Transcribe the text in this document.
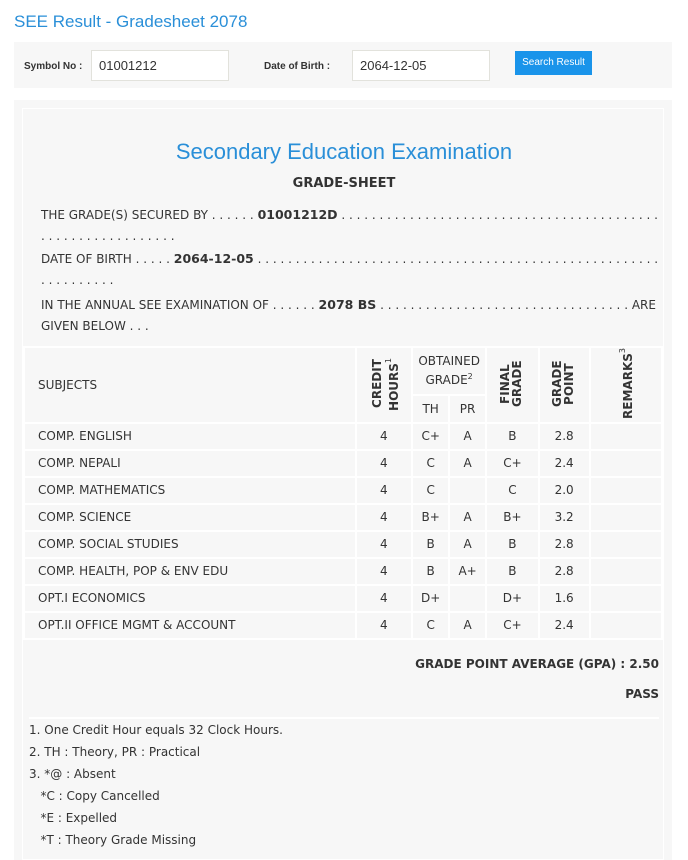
SEE Result - Gradesheet 2078
Symbol No :	01001212	Date of Birth :	2064-12-05	Search Result
Secondary Education Examination
GRADE-SHEET
THE GRADE(S) SECURED BY . . . . . . 01001212D . . . . . . . . . . . . . . . . . . . . . . . . . . . . . . . . . . . . . . . . . . . . . . . . . . . . . . . . . . . .
DATE OF BIRTH . . . . . 2064-12-05 . . . . . . . . . . . . . . . . . . . . . . . . . . . . . . . . . . . . . . . . . . . . . . . . . . . . . . . . . . . . . . .
IN THE ANNUAL SEE EXAMINATION OF . . . . . . 2078 BS . . . . . . . . . . . . . . . . . . . . . . . . . . . . . . . . . ARE GIVEN BELOW . . .
SUBJECTS	CREDIT HOURS$^1$	OBTAINED GRADE$^2$		FINAL GRADE	GRADE POINT	REMARKS$^3$
		TH	PR			
COMP. ENGLISH	4	C+	A	B	2.8	
COMP. NEPALI	4	C	A	C+	2.4	
COMP. MATHEMATICS	4	C		C	2.0	
COMP. SCIENCE	4	B+	A	B+	3.2	
COMP. SOCIAL STUDIES	4	B	A	B	2.8	
COMP. HEALTH, POP & ENV EDU	4	B	A+	B	2.8	
OPT.I ECONOMICS	4	D+		D+	1.6	
OPT.II OFFICE MGMT & ACCOUNT	4	C	A	C+	2.4	
GRADE POINT AVERAGE (GPA) : 2.50
PASS
1. One Credit Hour equals 32 Clock Hours.
2. TH : Theory, PR : Practical
3. *@ : Absent
*C : Copy Cancelled
*E : Expelled
*T : Theory Grade Missing
